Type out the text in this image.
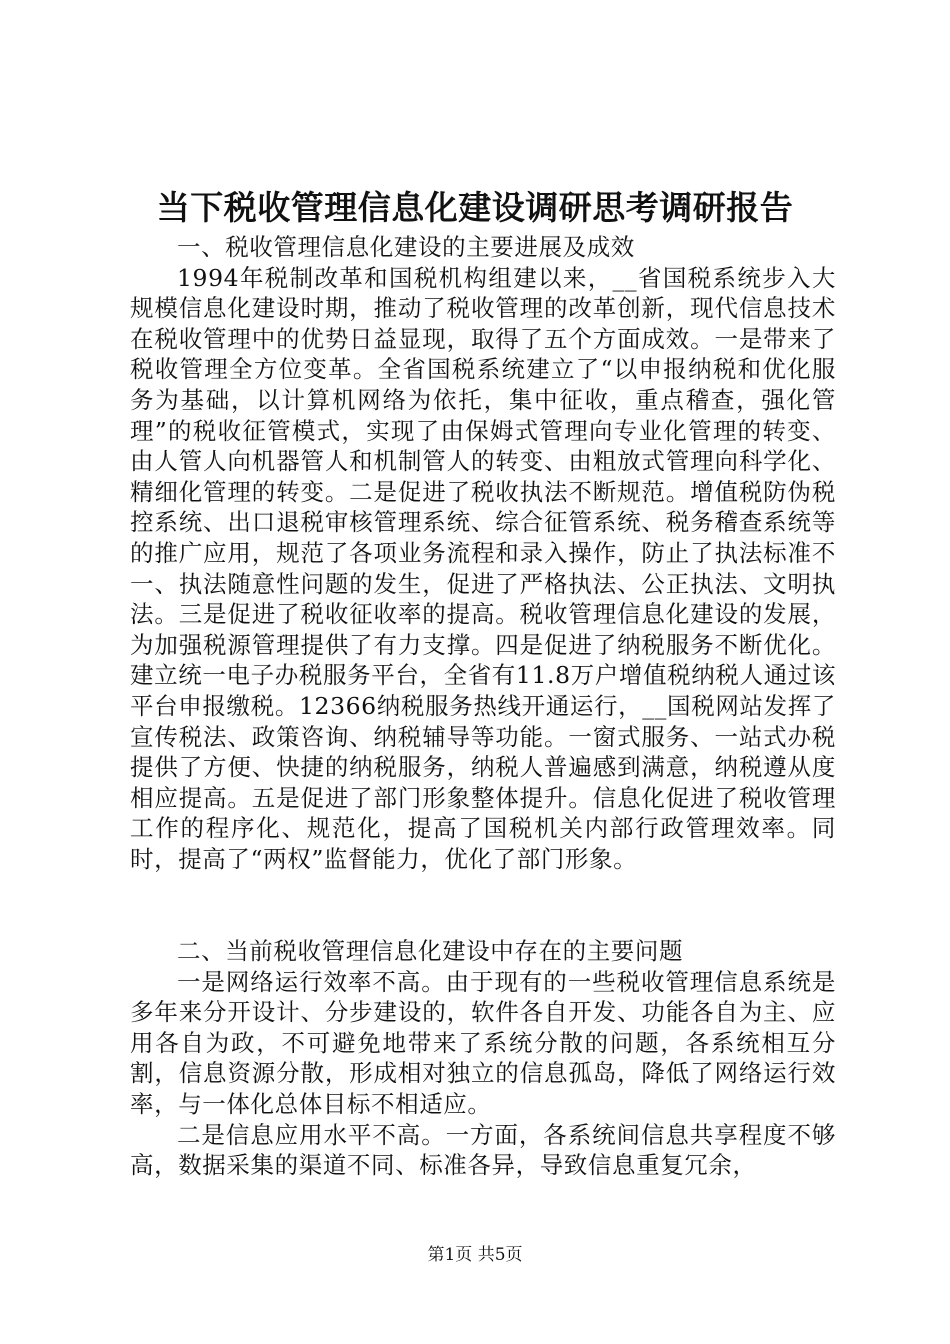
当下税收管理信息化建设调研思考调研报告

一、税收管理信息化建设的主要进展及成效

1994年税制改革和国税机构组建以来，__省国税系统步入大规模信息化建设时期，推动了税收管理的改革创新，现代信息技术在税收管理中的优势日益显现，取得了五个方面成效。一是带来了税收管理全方位变革。全省国税系统建立了“以申报纳税和优化服务为基础，以计算机网络为依托，集中征收，重点稽查，强化管理”的税收征管模式，实现了由保姆式管理向专业化管理的转变、由人管人向机器管人和机制管人的转变、由粗放式管理向科学化、精细化管理的转变。二是促进了税收执法不断规范。增值税防伪税控系统、出口退税审核管理系统、综合征管系统、税务稽查系统等的推广应用，规范了各项业务流程和录入操作，防止了执法标准不一、执法随意性问题的发生，促进了严格执法、公正执法、文明执法。三是促进了税收征收率的提高。税收管理信息化建设的发展，为加强税源管理提供了有力支撑。四是促进了纳税服务不断优化。建立统一电子办税服务平台，全省有11.8万户增值税纳税人通过该平台申报缴税。12366纳税服务热线开通运行，__国税网站发挥了宣传税法、政策咨询、纳税辅导等功能。一窗式服务、一站式办税提供了方便、快捷的纳税服务，纳税人普遍感到满意，纳税遵从度相应提高。五是促进了部门形象整体提升。信息化促进了税收管理工作的程序化、规范化，提高了国税机关内部行政管理效率。同时，提高了“两权”监督能力，优化了部门形象。

二、当前税收管理信息化建设中存在的主要问题

一是网络运行效率不高。由于现有的一些税收管理信息系统是多年来分开设计、分步建设的，软件各自开发、功能各自为主、应用各自为政，不可避免地带来了系统分散的问题，各系统相互分割，信息资源分散，形成相对独立的信息孤岛，降低了网络运行效率，与一体化总体目标不相适应。

二是信息应用水平不高。一方面，各系统间信息共享程度不够高，数据采集的渠道不同、标准各异，导致信息重复冗余，

第1页 共5页
